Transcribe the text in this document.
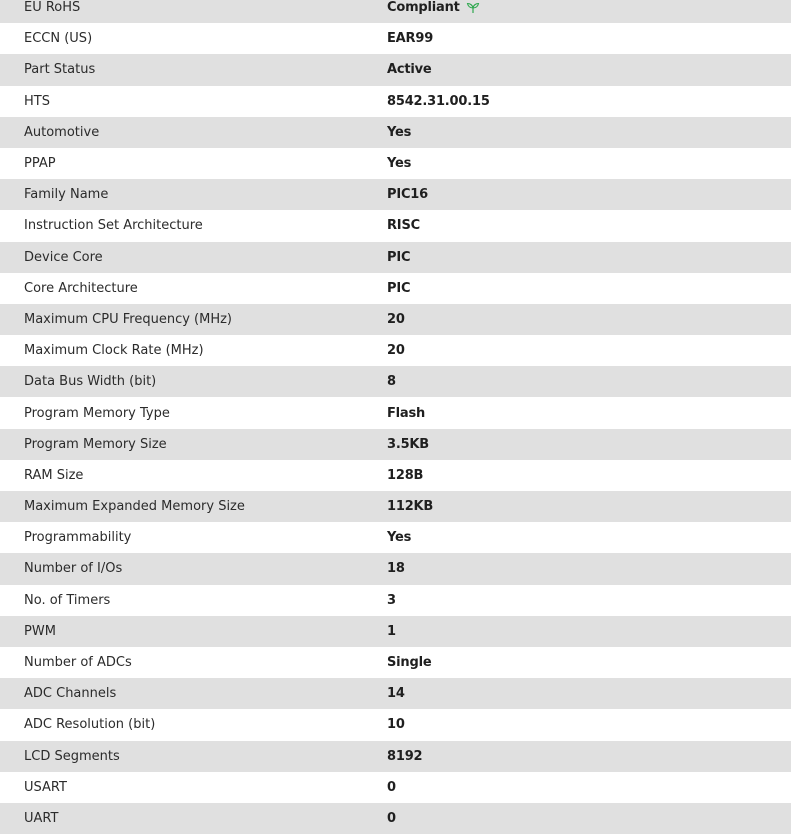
EU RoHS	Compliant
ECCN (US)	EAR99
Part Status	Active
HTS	8542.31.00.15
Automotive	Yes
PPAP	Yes
Family Name	PIC16
Instruction Set Architecture	RISC
Device Core	PIC
Core Architecture	PIC
Maximum CPU Frequency (MHz)	20
Maximum Clock Rate (MHz)	20
Data Bus Width (bit)	8
Program Memory Type	Flash
Program Memory Size	3.5KB
RAM Size	128B
Maximum Expanded Memory Size	112KB
Programmability	Yes
Number of I/Os	18
No. of Timers	3
PWM	1
Number of ADCs	Single
ADC Channels	14
ADC Resolution (bit)	10
LCD Segments	8192
USART	0
UART	0
